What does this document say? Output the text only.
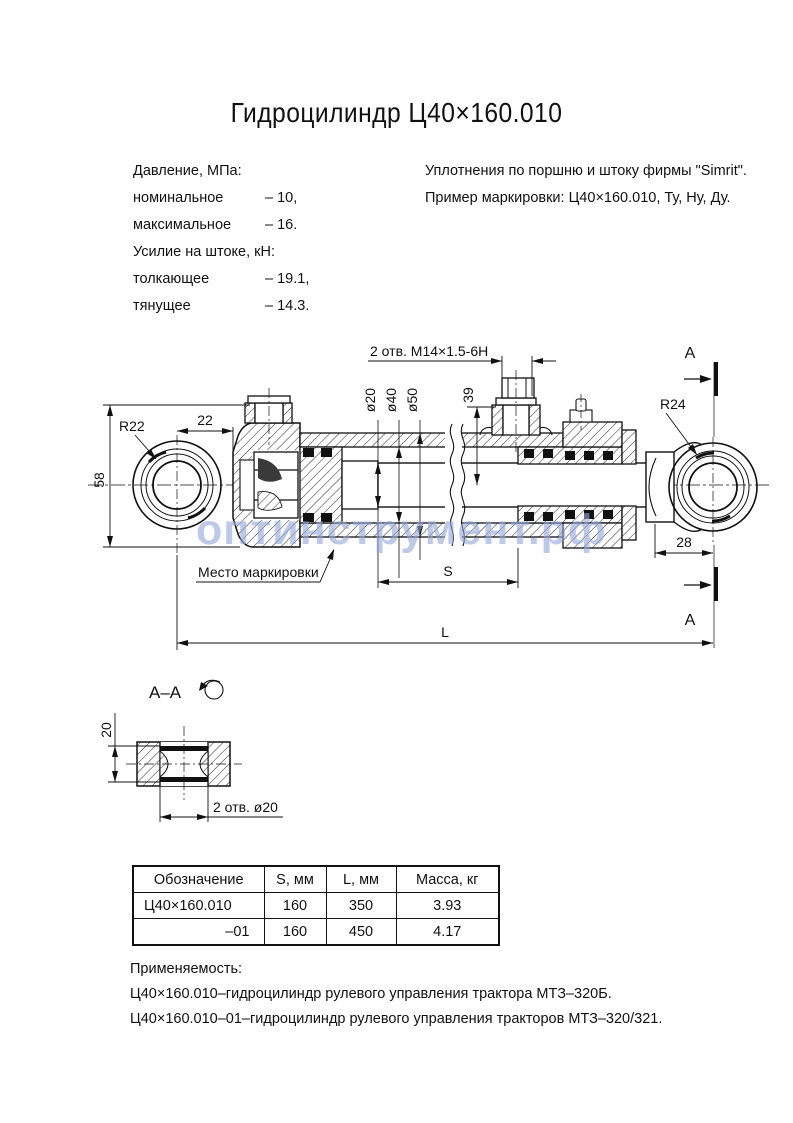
58
R22	22
ø20 ø40 ø50
2 отв. M14×1.5-6H
39
R24
28
А
А
Место маркировки	S
L
А–А
20
2 отв. ø20
оптинструмент.рф
Гидроцилиндр Ц40×160.010
Давление, МПа:
номинальное	– 10,
максимальное – 16.
Усилие на штоке, кН:
толкающее	– 19.1,
тянущее	– 14.3.
Уплотнения по поршню и штоку фирмы "Simrit".
Пример маркировки: Ц40×160.010, Ту, Ну, Ду.
Обозначение	S, мм	L, мм	Масса, кг
Ц40×160.010	160	350	3.93
–01	160	450	4.17
Применяемость:
Ц40×160.010–гидроцилиндр рулевого управления трактора МТЗ–320Б.
Ц40×160.010–01–гидроцилиндр рулевого управления тракторов МТЗ–320/321.
